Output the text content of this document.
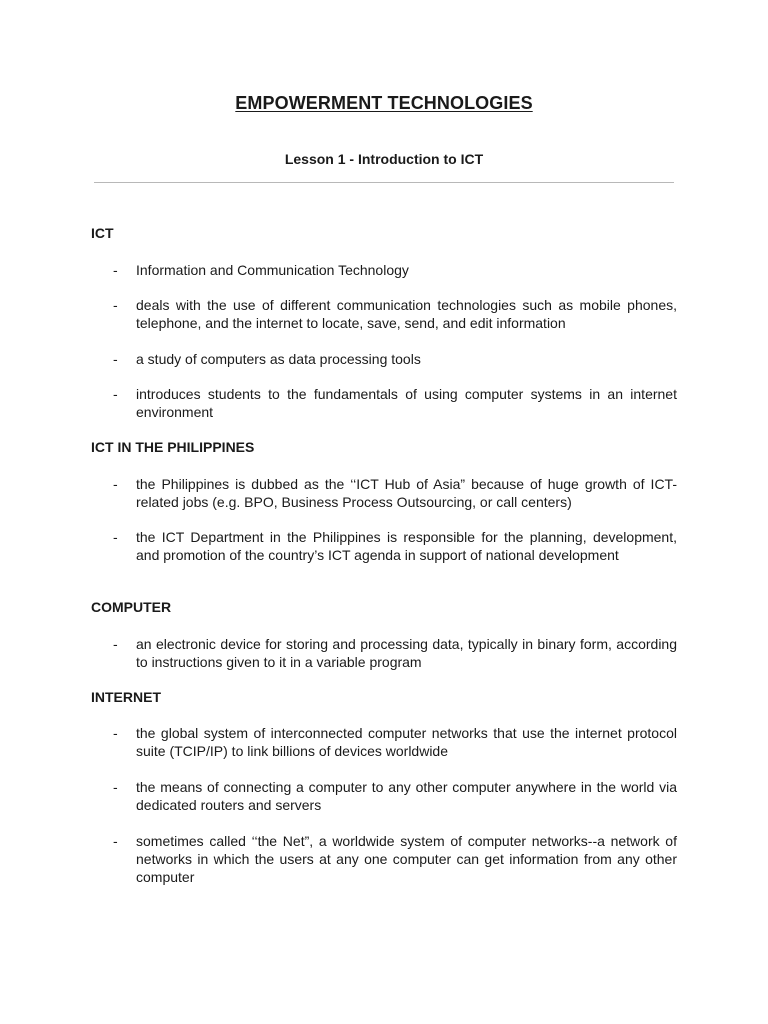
EMPOWERMENT TECHNOLOGIES
Lesson 1 - Introduction to ICT
ICT
- Information and Communication Technology
- deals with the use of different communication technologies such as mobile phones, telephone, and the internet to locate, save, send, and edit information
- a study of computers as data processing tools
- introduces students to the fundamentals of using computer systems in an internet environment
ICT IN THE PHILIPPINES
- the Philippines is dubbed as the ‘‘ICT Hub of Asia” because of huge growth of ICT-related jobs (e.g. BPO, Business Process Outsourcing, or call centers)
- the ICT Department in the Philippines is responsible for the planning, development, and promotion of the country’s ICT agenda in support of national development
COMPUTER
- an electronic device for storing and processing data, typically in binary form, according to instructions given to it in a variable program
INTERNET
- the global system of interconnected computer networks that use the internet protocol suite (TCIP/IP) to link billions of devices worldwide
- the means of connecting a computer to any other computer anywhere in the world via dedicated routers and servers
- sometimes called ‘‘the Net”, a worldwide system of computer networks--a network of networks in which the users at any one computer can get information from any other computer
